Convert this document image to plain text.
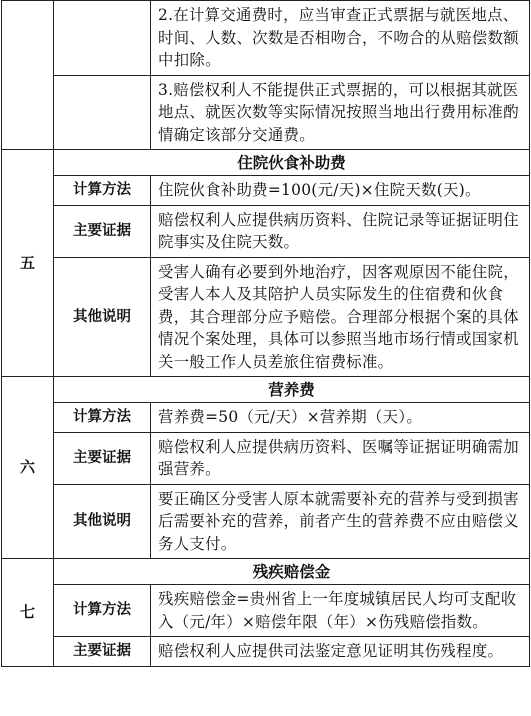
		2.在计算交通费时，应当审查正式票据与就医地点、时间、人数、次数是否相吻合，不吻合的从赔偿数额中扣除。
		3.赔偿权利人不能提供正式票据的，可以根据其就医地点、就医次数等实际情况按照当地出行费用标准酌情确定该部分交通费。
五	住院伙食补助费	
	计算方法	住院伙食补助费=100(元/天)×住院天数(天)。
	主要证据	赔偿权利人应提供病历资料、住院记录等证据证明住院事实及住院天数。
	其他说明	受害人确有必要到外地治疗，因客观原因不能住院，受害人本人及其陪护人员实际发生的住宿费和伙食费，其合理部分应予赔偿。合理部分根据个案的具体情况个案处理，具体可以参照当地市场行情或国家机关一般工作人员差旅住宿费标准。
六	营养费	
	计算方法	营养费=50（元/天）×营养期（天）。
	主要证据	赔偿权利人应提供病历资料、医嘱等证据证明确需加强营养。
	其他说明	要正确区分受害人原本就需要补充的营养与受到损害后需要补充的营养，前者产生的营养费不应由赔偿义务人支付。
七	残疾赔偿金	
	计算方法	残疾赔偿金=贵州省上一年度城镇居民人均可支配收入（元/年）×赔偿年限（年）×伤残赔偿指数。
	主要证据	赔偿权利人应提供司法鉴定意见证明其伤残程度。
